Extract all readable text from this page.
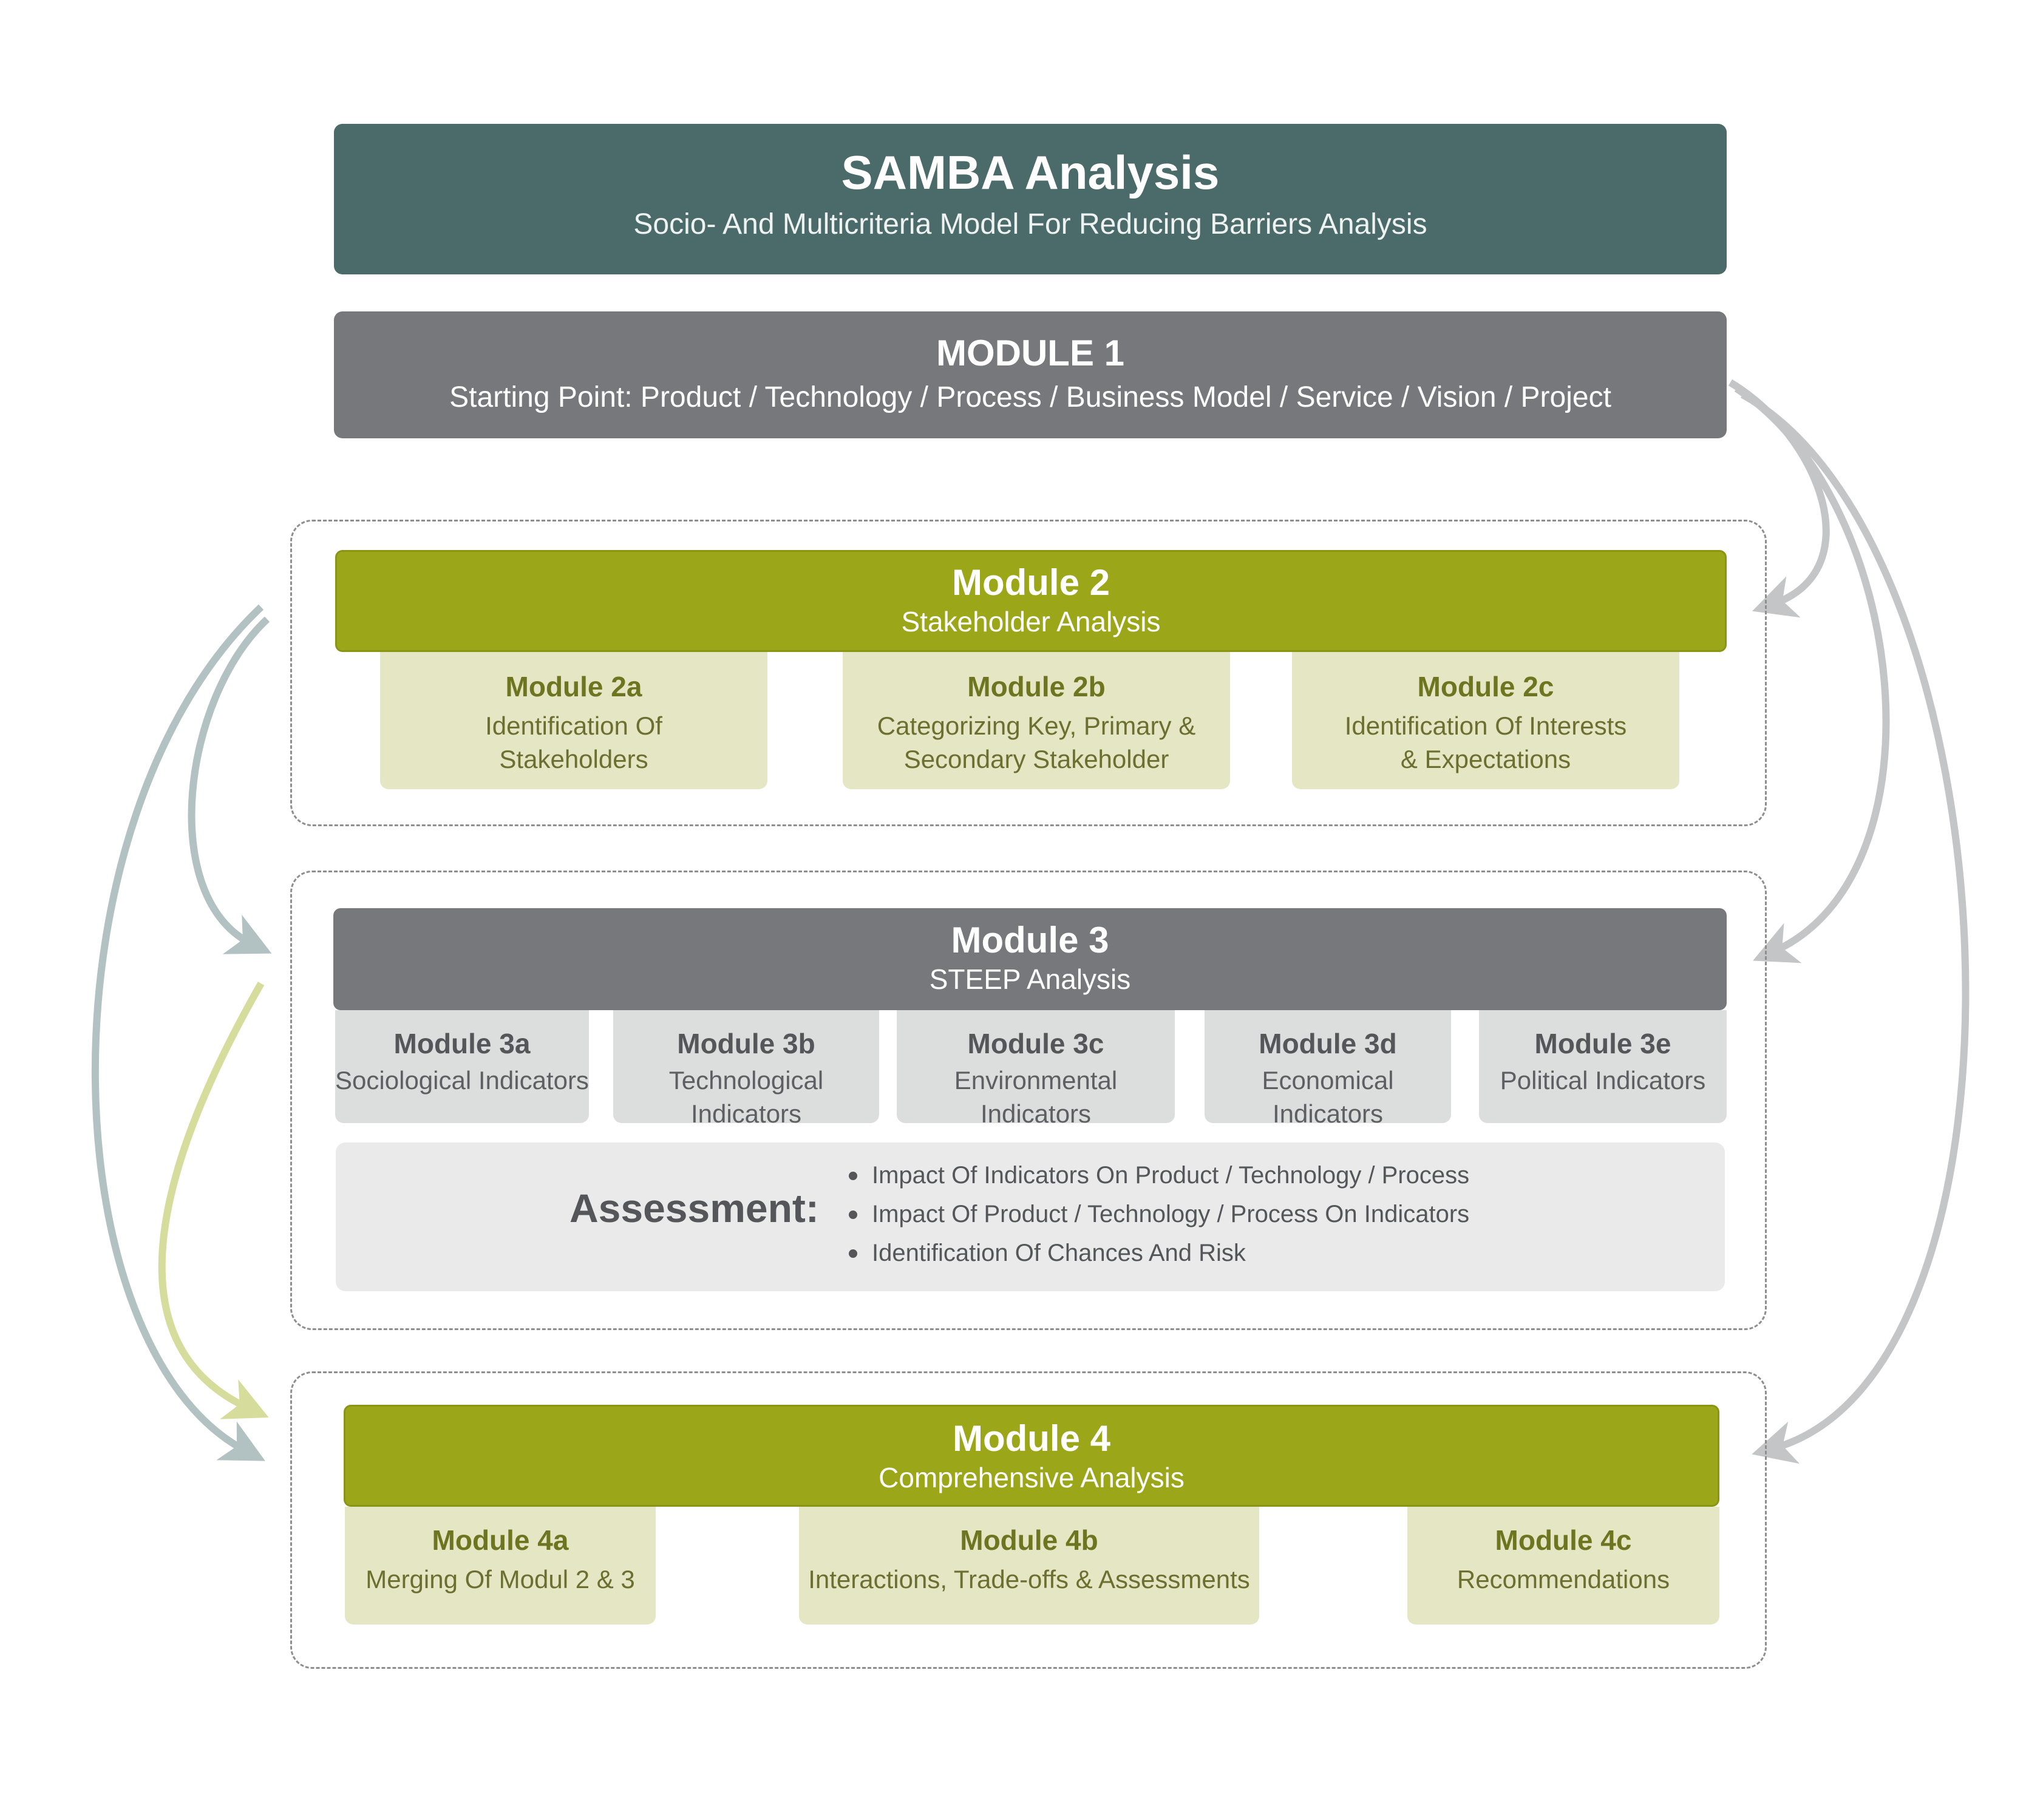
SAMBA Analysis
Socio- And Multicriteria Model For Reducing Barriers Analysis
MODULE 1
Starting Point: Product / Technology / Process / Business Model / Service / Vision / Project
Module 2
Stakeholder Analysis
Module 2a
Identification Of
Stakeholders
Module 2b
Categorizing Key, Primary &
Secondary Stakeholder
Module 2c
Identification Of Interests
& Expectations
Module 3
STEEP Analysis
Module 3a
Sociological Indicators
Module 3b
Technological Indicators
Module 3c
Environmental Indicators
Module 3d
Economical Indicators
Module 3e
Political Indicators
Assessment:
Impact Of Indicators On Product / Technology / Process
Impact Of Product / Technology / Process On Indicators
Identification Of Chances And Risk
Module 4
Comprehensive Analysis
Module 4a
Merging Of Modul 2 & 3
Module 4b
Interactions, Trade-offs & Assessments
Module 4c
Recommendations
